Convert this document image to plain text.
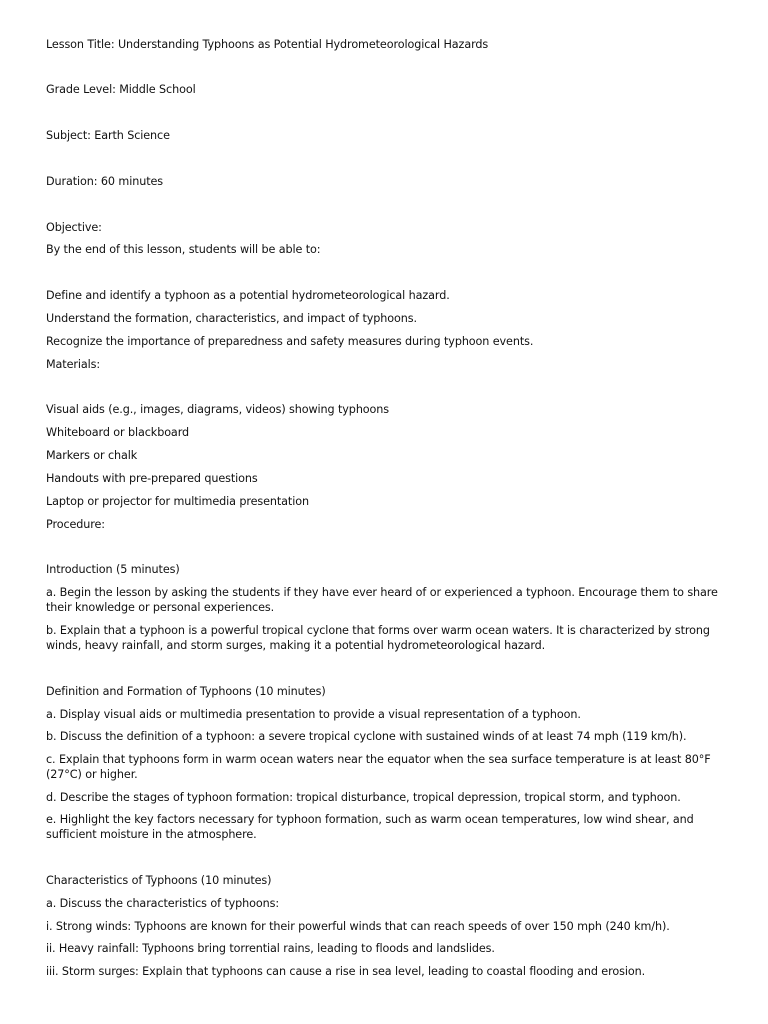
Lesson Title: Understanding Typhoons as Potential Hydrometeorological Hazards
Grade Level: Middle School
Subject: Earth Science
Duration: 60 minutes
Objective:
By the end of this lesson, students will be able to:
Define and identify a typhoon as a potential hydrometeorological hazard.
Understand the formation, characteristics, and impact of typhoons.
Recognize the importance of preparedness and safety measures during typhoon events.
Materials:
Visual aids (e.g., images, diagrams, videos) showing typhoons
Whiteboard or blackboard
Markers or chalk
Handouts with pre-prepared questions
Laptop or projector for multimedia presentation
Procedure:
Introduction (5 minutes)
a. Begin the lesson by asking the students if they have ever heard of or experienced a typhoon. Encourage them to share their knowledge or personal experiences.
b. Explain that a typhoon is a powerful tropical cyclone that forms over warm ocean waters. It is characterized by strong winds, heavy rainfall, and storm surges, making it a potential hydrometeorological hazard.
Definition and Formation of Typhoons (10 minutes)
a. Display visual aids or multimedia presentation to provide a visual representation of a typhoon.
b. Discuss the definition of a typhoon: a severe tropical cyclone with sustained winds of at least 74 mph (119 km/h).
c. Explain that typhoons form in warm ocean waters near the equator when the sea surface temperature is at least 80°F (27°C) or higher.
d. Describe the stages of typhoon formation: tropical disturbance, tropical depression, tropical storm, and typhoon.
e. Highlight the key factors necessary for typhoon formation, such as warm ocean temperatures, low wind shear, and sufficient moisture in the atmosphere.
Characteristics of Typhoons (10 minutes)
a. Discuss the characteristics of typhoons:
i. Strong winds: Typhoons are known for their powerful winds that can reach speeds of over 150 mph (240 km/h).
ii. Heavy rainfall: Typhoons bring torrential rains, leading to floods and landslides.
iii. Storm surges: Explain that typhoons can cause a rise in sea level, leading to coastal flooding and erosion.
